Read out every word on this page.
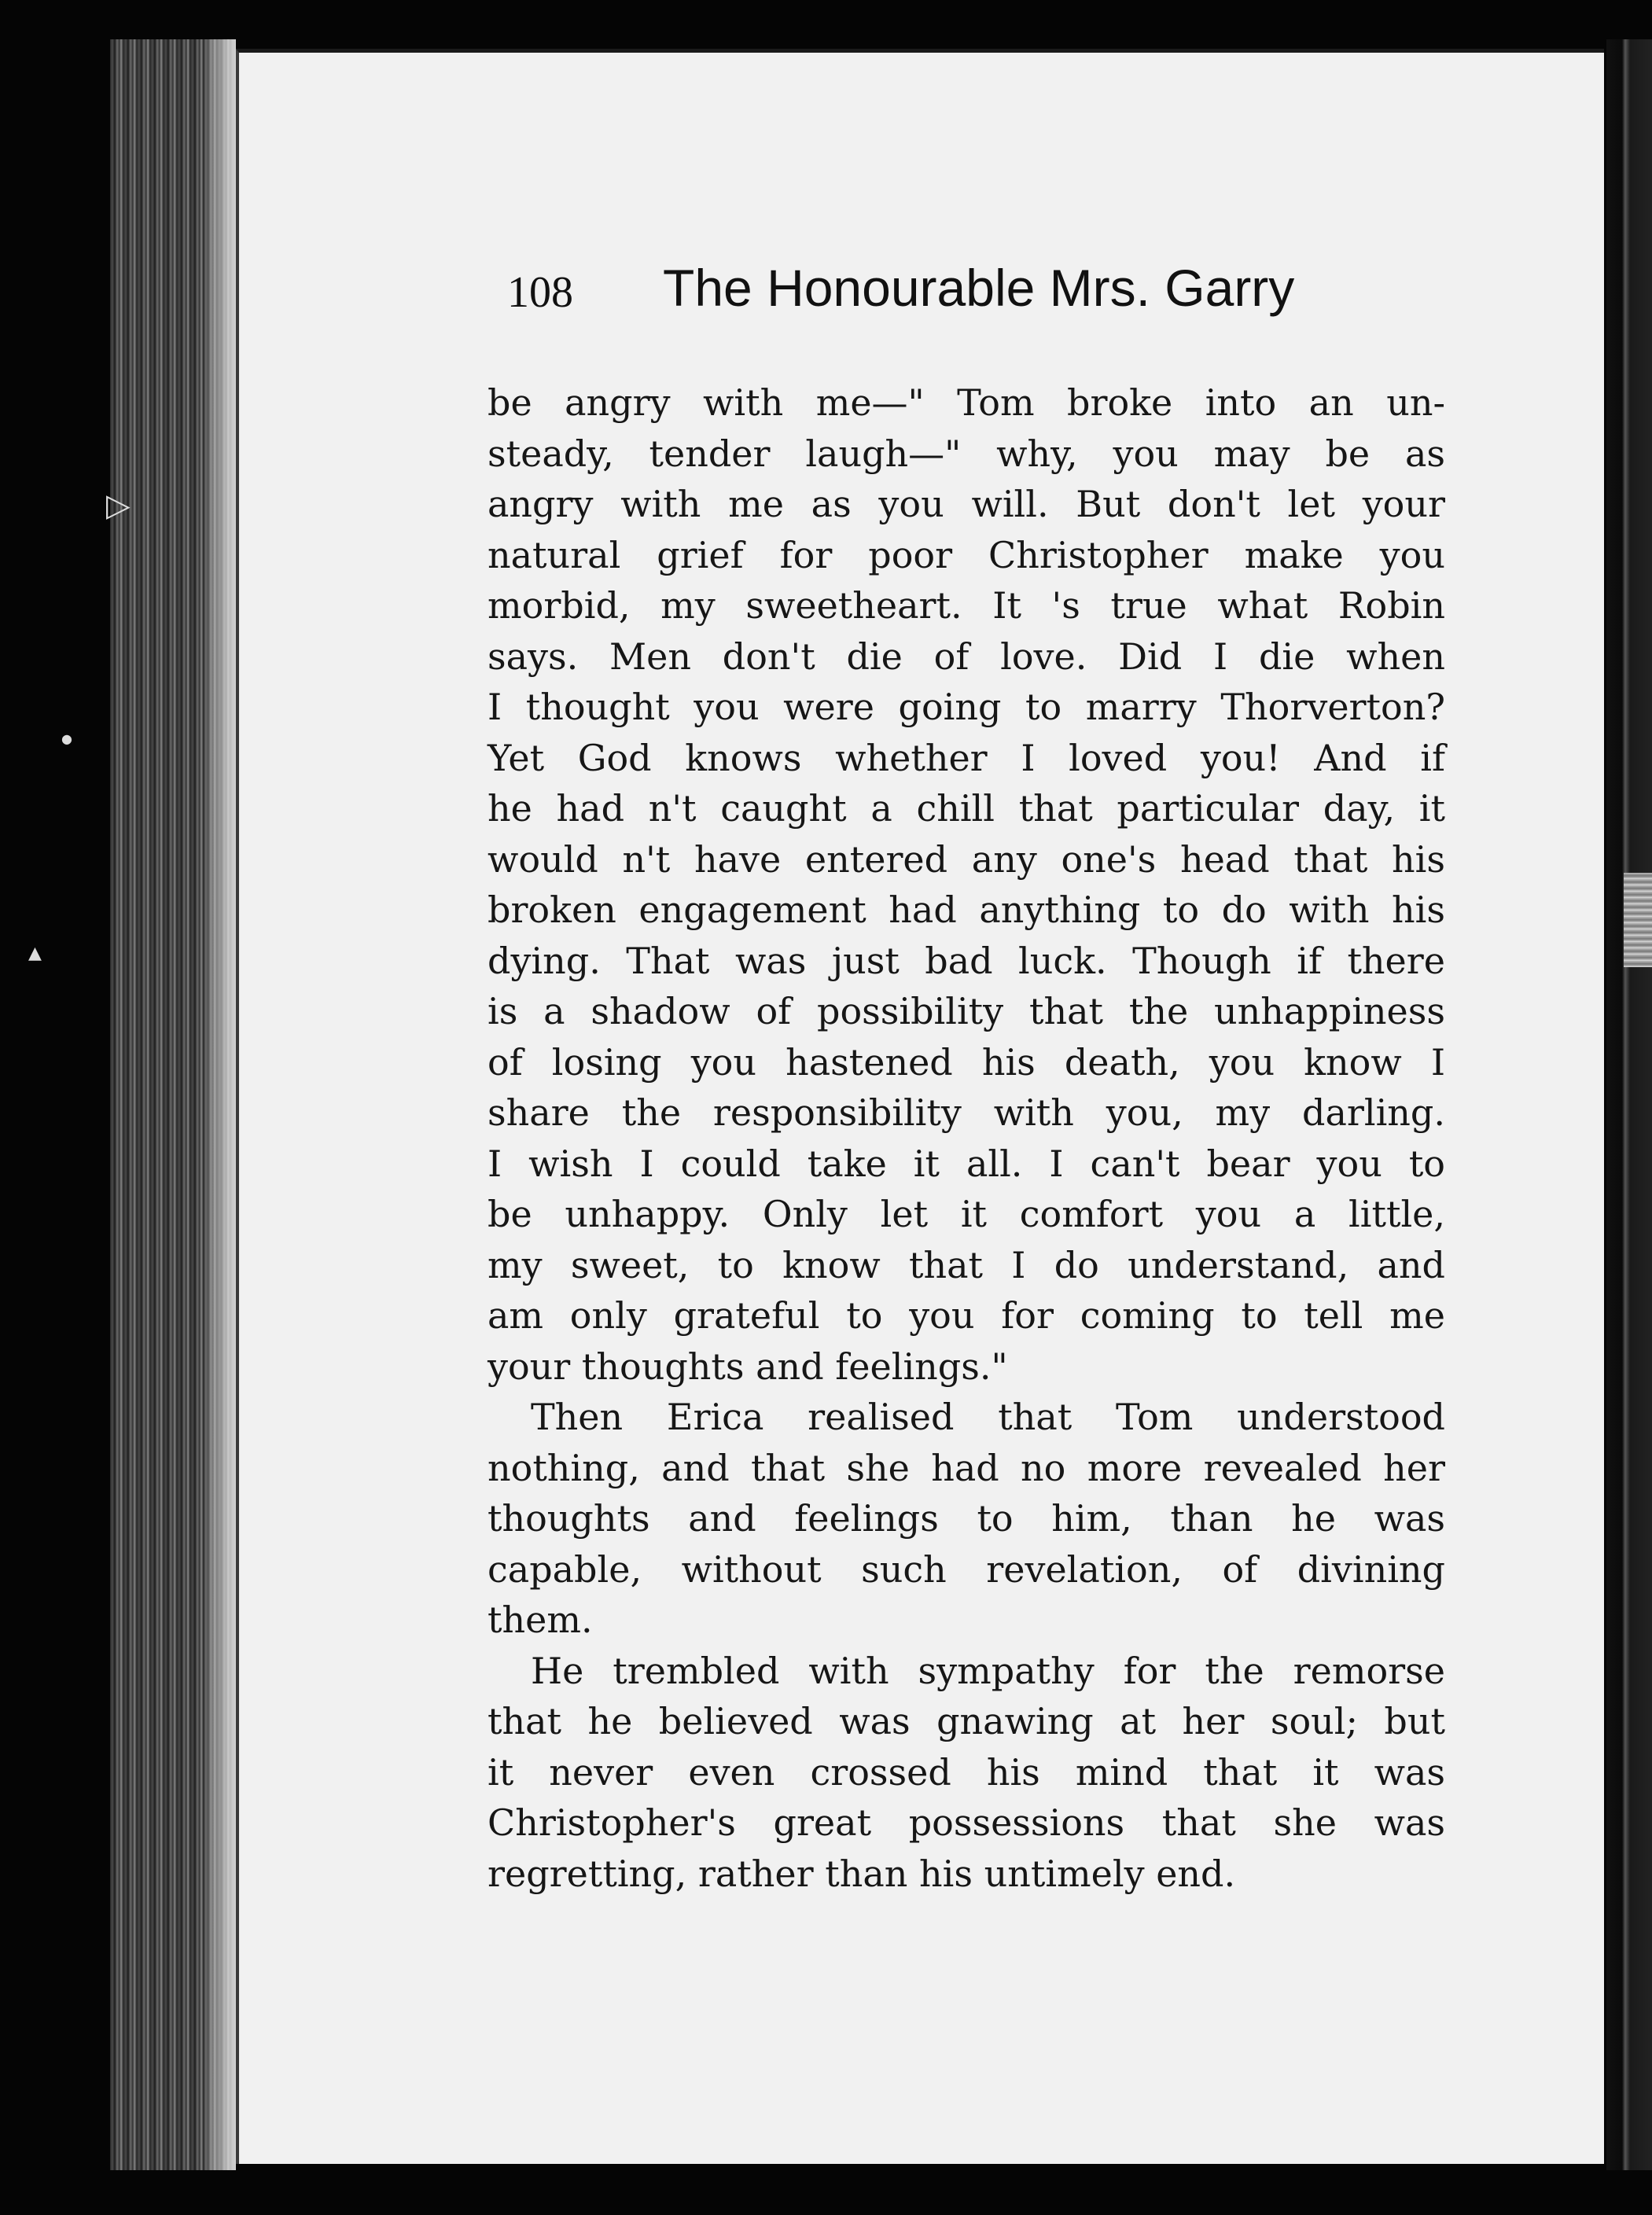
▷
●
▲
108 The Honourable Mrs. Garry

be angry with me—" Tom broke into an un-
steady, tender laugh—" why, you may be as
angry with me as you will. But don't let your
natural grief for poor Christopher make you
morbid, my sweetheart. It 's true what Robin
says. Men don't die of love. Did I die when
I thought you were going to marry Thorverton?
Yet God knows whether I loved you! And if
he had n't caught a chill that particular day, it
would n't have entered any one's head that his
broken engagement had anything to do with his
dying. That was just bad luck. Though if there
is a shadow of possibility that the unhappiness
of losing you hastened his death, you know I
share the responsibility with you, my darling.
I wish I could take it all. I can't bear you to
be unhappy. Only let it comfort you a little,
my sweet, to know that I do understand, and
am only grateful to you for coming to tell me
your thoughts and feelings."

Then Erica realised that Tom understood
nothing, and that she had no more revealed her
thoughts and feelings to him, than he was
capable, without such revelation, of divining
them.

He trembled with sympathy for the remorse
that he believed was gnawing at her soul; but
it never even crossed his mind that it was
Christopher's great possessions that she was
regretting, rather than his untimely end.
